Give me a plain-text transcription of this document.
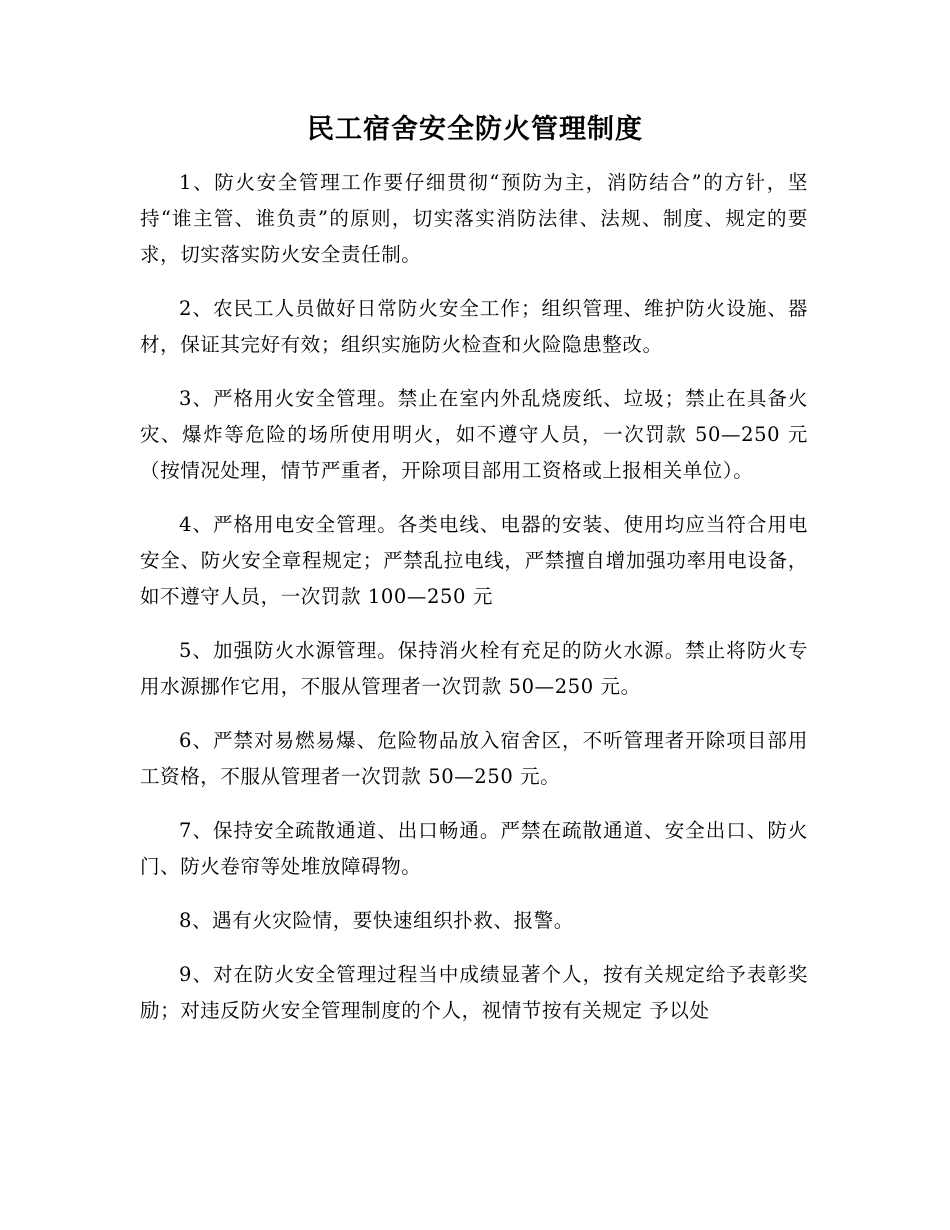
民工宿舍安全防火管理制度

1、防火安全管理工作要仔细贯彻“预防为主，消防结合”的方针，坚持“谁主管、谁负责”的原则，切实落实消防法律、法规、制度、规定的要求，切实落实防火安全责任制。

2、农民工人员做好日常防火安全工作；组织管理、维护防火设施、器材，保证其完好有效；组织实施防火检查和火险隐患整改。

3、严格用火安全管理。禁止在室内外乱烧废纸、垃圾；禁止在具备火灾、爆炸等危险的场所使用明火，如不遵守人员，一次罚款 50—250 元（按情况处理，情节严重者，开除项目部用工资格或上报相关单位）。

4、严格用电安全管理。各类电线、电器的安装、使用均应当符合用电安全、防火安全章程规定；严禁乱拉电线，严禁擅自增加强功率用电设备，如不遵守人员，一次罚款 100—250 元

5、加强防火水源管理。保持消火栓有充足的防火水源。禁止将防火专用水源挪作它用，不服从管理者一次罚款 50—250 元。

6、严禁对易燃易爆、危险物品放入宿舍区，不听管理者开除项目部用工资格，不服从管理者一次罚款 50—250 元。

7、保持安全疏散通道、出口畅通。严禁在疏散通道、安全出口、防火门、防火卷帘等处堆放障碍物。

8、遇有火灾险情，要快速组织扑救、报警。

9、对在防火安全管理过程当中成绩显著个人，按有关规定给予表彰奖励；对违反防火安全管理制度的个人，视情节按有关规定 予以处
